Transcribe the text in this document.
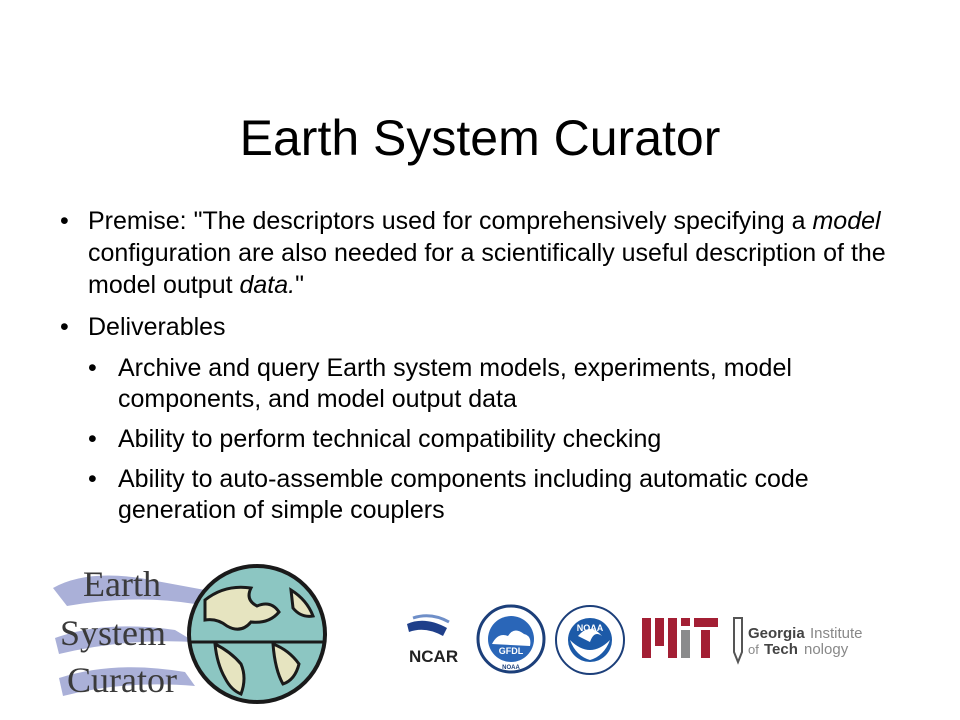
Earth System Curator
• Premise: "The descriptors used for comprehensively specifying a model configuration are also needed for a scientifically useful description of the model output data."
• Deliverables
• Archive and query Earth system models, experiments, model components, and model output data
• Ability to perform technical compatibility checking
• Ability to auto-assemble components including automatic code generation of simple couplers
Earth
System
Curator
NCAR	GFDL
NOAA
NOAA	Georgia Institute
of Tech nology
